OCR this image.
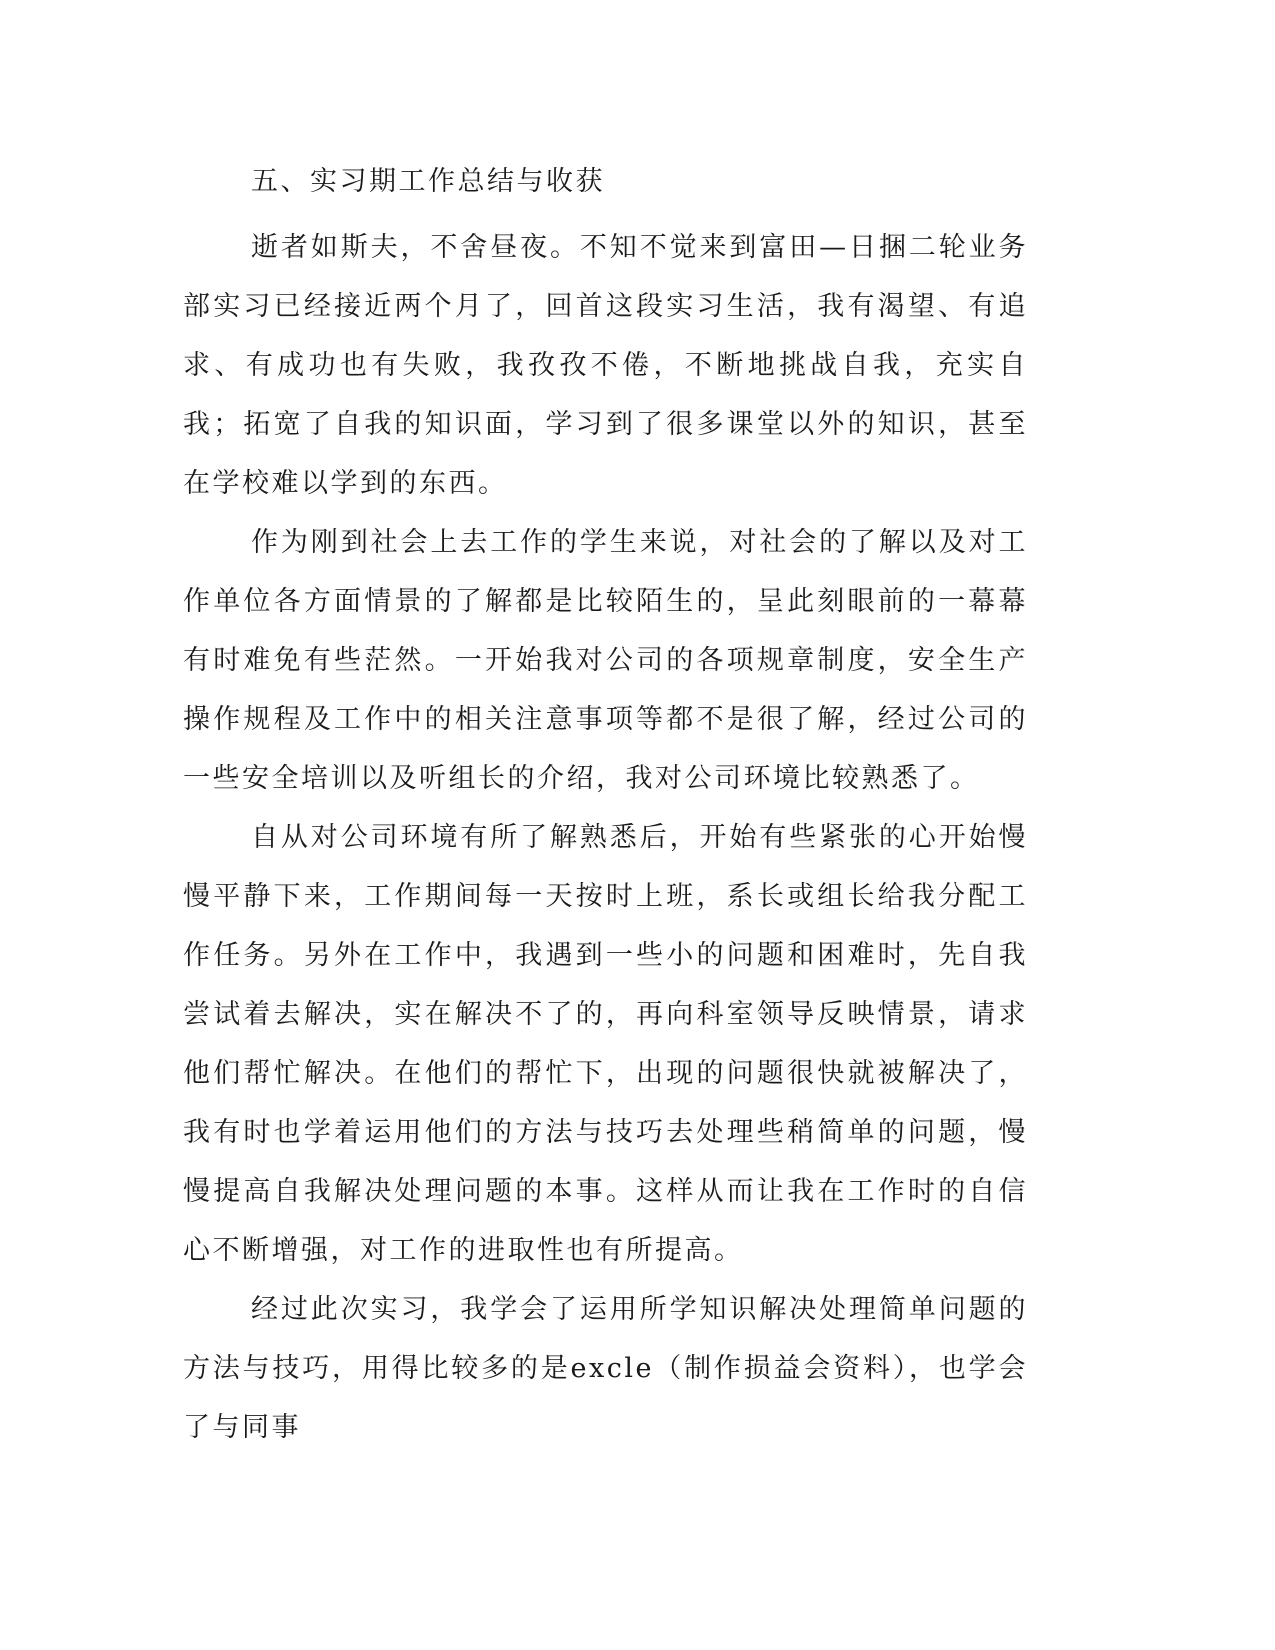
五、实习期工作总结与收获

逝者如斯夫，不舍昼夜。不知不觉来到富田—日捆二轮业务部实习已经接近两个月了，回首这段实习生活，我有渴望、有追求、有成功也有失败，我孜孜不倦，不断地挑战自我，充实自我；拓宽了自我的知识面，学习到了很多课堂以外的知识，甚至在学校难以学到的东西。

作为刚到社会上去工作的学生来说，对社会的了解以及对工作单位各方面情景的了解都是比较陌生的，呈此刻眼前的一幕幕有时难免有些茫然。一开始我对公司的各项规章制度，安全生产操作规程及工作中的相关注意事项等都不是很了解，经过公司的一些安全培训以及听组长的介绍，我对公司环境比较熟悉了。

自从对公司环境有所了解熟悉后，开始有些紧张的心开始慢慢平静下来，工作期间每一天按时上班，系长或组长给我分配工作任务。另外在工作中，我遇到一些小的问题和困难时，先自我尝试着去解决，实在解决不了的，再向科室领导反映情景，请求他们帮忙解决。在他们的帮忙下，出现的问题很快就被解决了，我有时也学着运用他们的方法与技巧去处理些稍简单的问题，慢慢提高自我解决处理问题的本事。这样从而让我在工作时的自信心不断增强，对工作的进取性也有所提高。

经过此次实习，我学会了运用所学知识解决处理简单问题的方法与技巧，用得比较多的是excle（制作损益会资料），也学会了与同事
